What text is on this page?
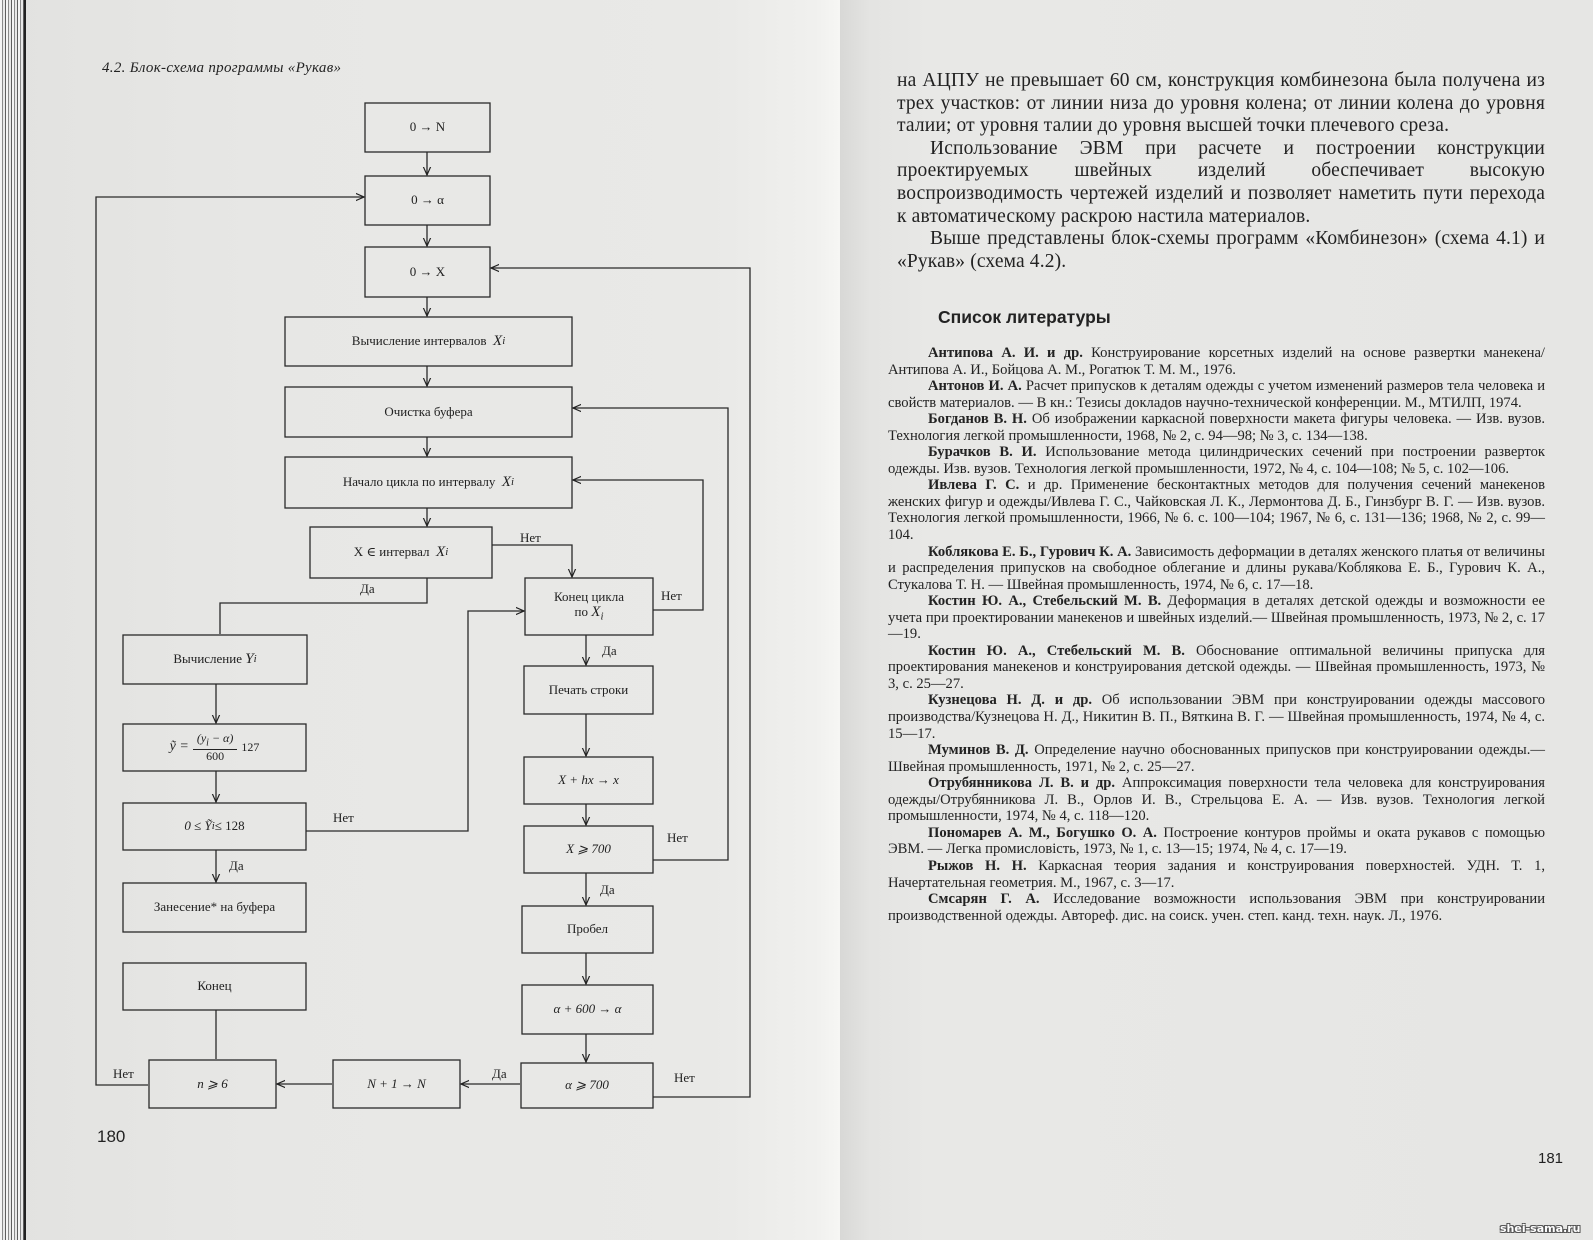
4.2. Блок-схема программы «Рукав»
0 → N
0 → α
0 → X
Вычисление интервалов
X i
Очистка буфера
Начало цикла по интервалу
X i
X ∈ интервал
X i
Конец цикла
по $X_i$
Вычисление
Y i
ỹ = $\frac{(y_i - \alpha)}{600} 127$
0 ≤ Ỹ i ≤ 128
Занесение* на буфера
Конец
n ⩾ 6	N + 1 → N	α ⩾ 700
Печать строки
X + hx → x
X ⩾ 700
Пробел
α + 600 → α
Нет
Да	Нет
Да
Нет
Да
Нет
Да
Нет
Да
Нет
180

на АЦПУ не превышает 60 см, конструкция комбинезона была получена из трех участков: от линии низа до уровня колена; от линии колена до уровня талии; от уровня талии до уровня высшей точки плечевого среза.

Использование ЭВМ при расчете и построении конструкции проектируемых швейных изделий обеспечивает высокую воспроизводимость чертежей изделий и позволяет наметить пути перехода к автоматическому раскрою настила материалов.

Выше представлены блок-схемы программ «Комбинезон» (схема 4.1) и «Рукав» (схема 4.2).

Список литературы

Антипова А. И. и др. Конструирование корсетных изделий на основе развертки манекена/Антипова А. И., Бойцова А. М., Рогатюк Т. М. М., 1976.

Антонов И. А. Расчет припусков к деталям одежды с учетом изменений размеров тела человека и свойств материалов. — В кн.: Тезисы докладов научно-технической конференции. М., МТИЛП, 1974.

Богданов В. Н. Об изображении каркасной поверхности макета фигуры человека. — Изв. вузов. Технология легкой промышленности, 1968, № 2, с. 94—98; № 3, с. 134—138.

Бурачков В. И. Использование метода цилиндрических сечений при построении разверток одежды. Изв. вузов. Технология легкой промышленности, 1972, № 4, с. 104—108; № 5, с. 102—106.

Ивлева Г. С. и др. Применение бесконтактных методов для получения сечений манекенов женских фигур и одежды/Ивлева Г. С., Чайковская Л. К., Лермонтова Д. Б., Гинзбург В. Г. — Изв. вузов. Технология легкой промышленности, 1966, № 6. с. 100—104; 1967, № 6, с. 131—136; 1968, № 2, с. 99—104.

Коблякова Е. Б., Гурович К. А. Зависимость деформации в деталях женского платья от величины и распределения припусков на свободное облегание и длины рукава/Коблякова Е. Б., Гурович К. А., Стукалова Т. Н. — Швейная промышленность, 1974, № 6, с. 17—18.

Костин Ю. А., Стебельский М. В. Деформация в деталях детской одежды и возможности ее учета при проектировании манекенов и швейных изделий.— Швейная промышленность, 1973, № 2, с. 17—19.

Костин Ю. А., Стебельский М. В. Обоснование оптимальной величины припуска для проектирования манекенов и конструирования детской одежды. — Швейная промышленность, 1973, № 3, с. 25—27.

Кузнецова Н. Д. и др. Об использовании ЭВМ при конструировании одежды массового производства/Кузнецова Н. Д., Никитин В. П., Вяткина В. Г. — Швейная промышленность, 1974, № 4, с. 15—17.

Муминов В. Д. Определение научно обоснованных припусков при конструировании одежды.— Швейная промышленность, 1971, № 2, с. 25—27.

Отрубянникова Л. В. и др. Аппроксимация поверхности тела человека для конструирования одежды/Отрубянникова Л. В., Орлов И. В., Стрельцова Е. А. — Изв. вузов. Технология легкой промышленности, 1974, № 4, с. 118—120.

Пономарев А. М., Богушко О. А. Построение контуров проймы и оката рукавов с помощью ЭВМ. — Легка промисловість, 1973, № 1, с. 13—15; 1974, № 4, с. 17—19.

Рыжов Н. Н. Каркасная теория задания и конструирования поверхностей. УДН. Т. 1, Начертательная геометрия. М., 1967, с. 3—17.

Смсарян Г. А. Исследование возможности использования ЭВМ при конструировании производственной одежды. Автореф. дис. на соиск. учен. степ. канд. техн. наук. Л., 1976.

181
shei-sama.ru
